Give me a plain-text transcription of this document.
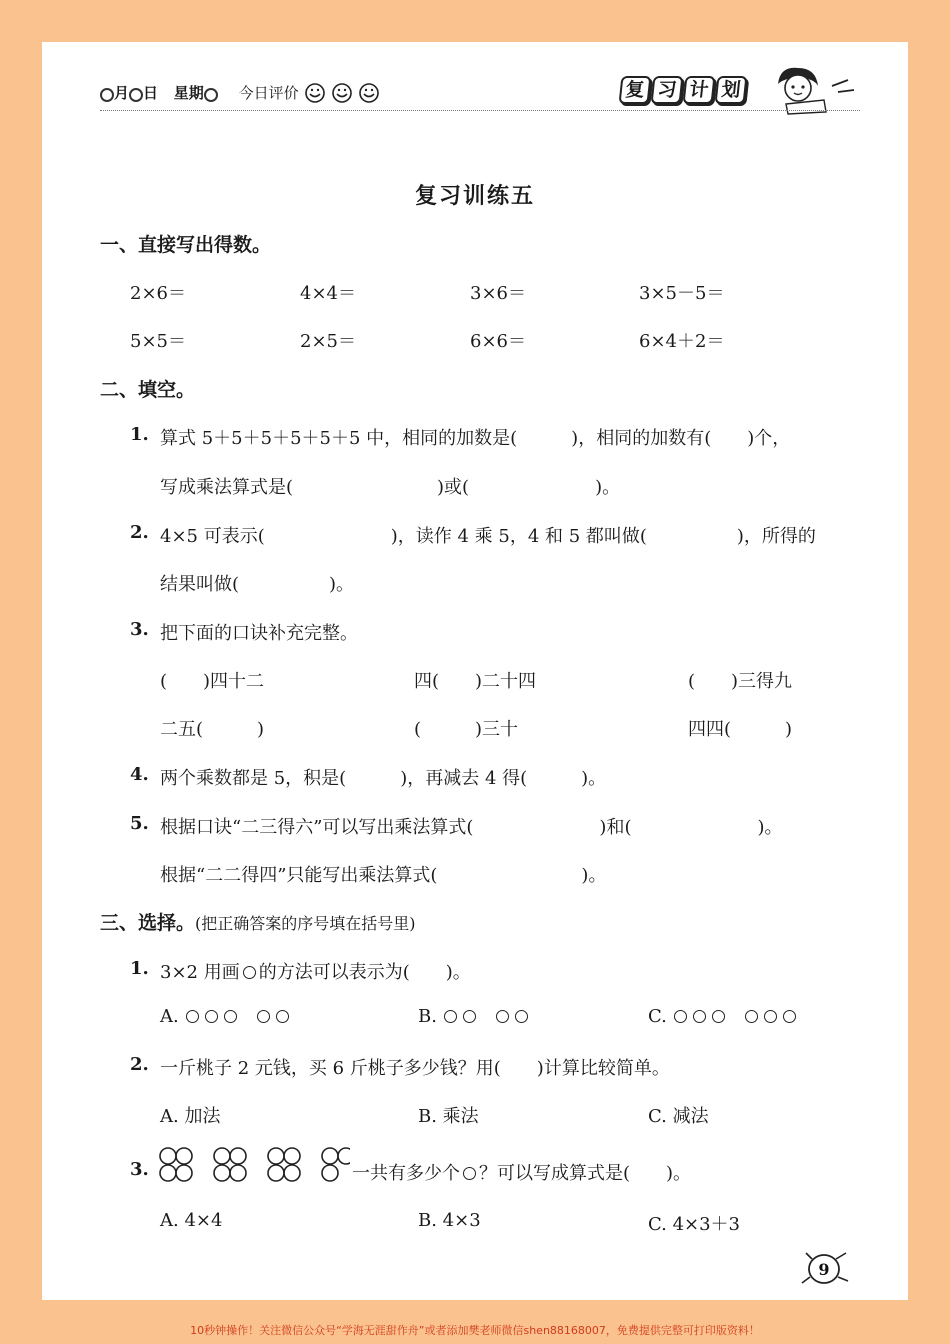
月 日 星期 今日评价	复 习 计 划
复习训练五
一、直接写出得数。
2×6＝	4×4＝	3×6＝	3×5－5＝
5×5＝	2×5＝	6×6＝	6×4＋2＝
二、填空。
1. 算式 5＋5＋5＋5＋5＋5 中，相同的加数是(　　　)，相同的加数有(　　)个，
写成乘法算式是(　　　　　　　　)或(　　　　　　　)。
2. 4×5 可表示(　　　　　　　)，读作 4 乘 5，4 和 5 都叫做(　　　　　)，所得的
结果叫做(　　　　　)。
3. 把下面的口诀补充完整。
(　　)四十二	四(　　)二十四	(　　)三得九
二五(　　　)	(　　　)三十	四四(　　　)
4. 两个乘数都是 5，积是(　　　)，再减去 4 得(　　　)。
5. 根据口诀“二三得六”可以写出乘法算式(　　　　　　　)和(　　　　　　　)。
根据“二二得四”只能写出乘法算式(　　　　　　　　)。
三、选择。(把正确答案的序号填在括号里)
1. 3×2 用画 的方法可以表示为(　　)。
A.	B.	C.
2. 一斤桃子 2 元钱，买 6 斤桃子多少钱？用(　　)计算比较简单。
A. 加法	B. 乘法	C. 减法
3.	一共有多少个 ？可以写成算式是(　　)。
A. 4×4	B. 4×3	C. 4×3＋3
9
10秒钟操作！关注微信公众号“学海无涯甜作舟”或者添加樊老师微信shen88168007，免费提供完整可打印版资料！
